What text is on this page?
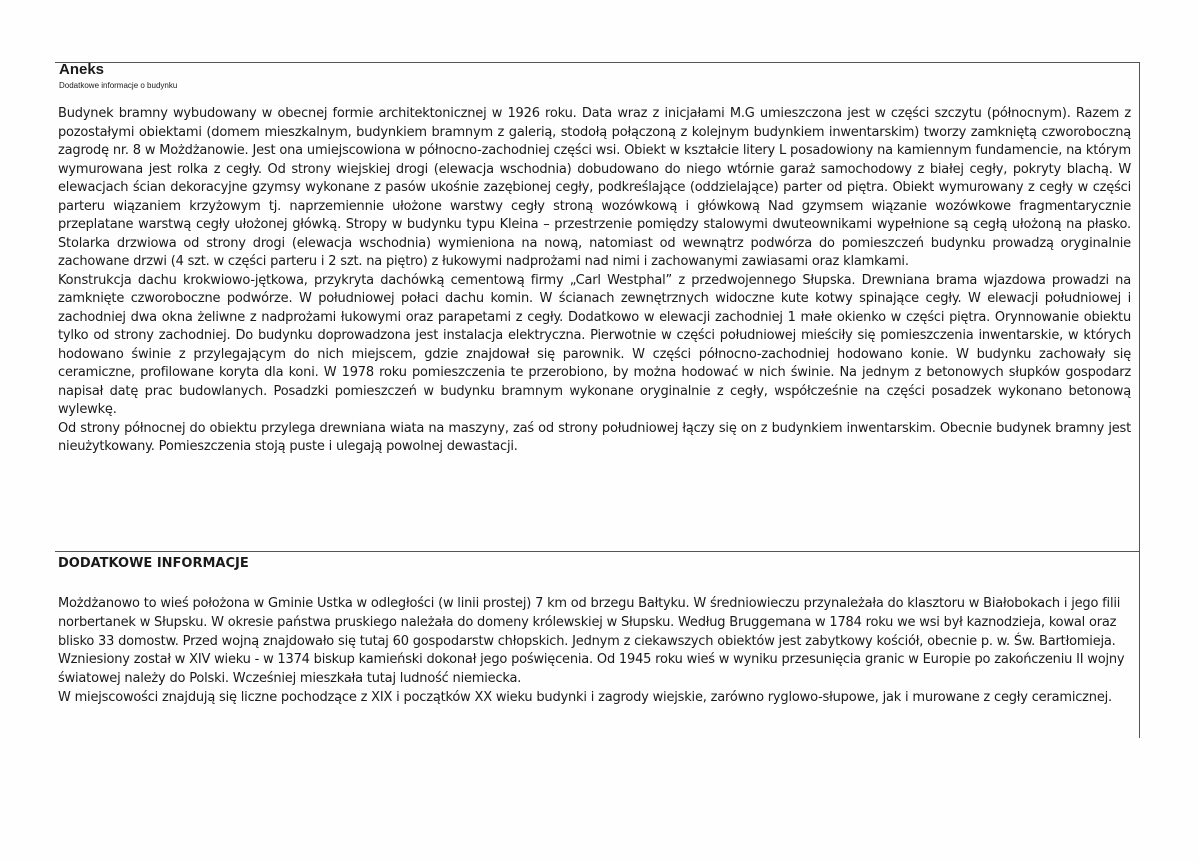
Aneks
Dodatkowe informacje o budynku

Budynek bramny wybudowany w obecnej formie architektonicznej w 1926 roku. Data wraz z inicjałami M.G umieszczona jest w części szczytu (północnym). Razem z pozostałymi obiektami (domem mieszkalnym, budynkiem bramnym z galerią, stodołą połączoną z kolejnym budynkiem inwentarskim) tworzy zamkniętą czworoboczną zagrodę nr. 8 w Możdżanowie. Jest ona umiejscowiona w północno-zachodniej części wsi. Obiekt w kształcie litery L posadowiony na kamiennym fundamencie, na którym wymurowana jest rolka z cegły. Od strony wiejskiej drogi (elewacja wschodnia) dobudowano do niego wtórnie garaż samochodowy z białej cegły, pokryty blachą. W elewacjach ścian dekoracyjne gzymsy wykonane z pasów ukośnie zazębionej cegły, podkreślające (oddzielające) parter od piętra. Obiekt wymurowany z cegły w części parteru wiązaniem krzyżowym tj. naprzemiennie ułożone warstwy cegły stroną wozówkową i główkową Nad gzymsem wiązanie wozówkowe fragmentarycznie przeplatane warstwą cegły ułożonej główką. Stropy w budynku typu Kleina – przestrzenie pomiędzy stalowymi dwuteownikami wypełnione są cegłą ułożoną na płasko. Stolarka drzwiowa od strony drogi (elewacja wschodnia) wymieniona na nową, natomiast od wewnątrz podwórza do pomieszczeń budynku prowadzą oryginalnie zachowane drzwi (4 szt. w części parteru i 2 szt. na piętro) z łukowymi nadprożami nad nimi i zachowanymi zawiasami oraz klamkami.

Konstrukcja dachu krokwiowo-jętkowa, przykryta dachówką cementową firmy „Carl Westphal” z przedwojennego Słupska. Drewniana brama wjazdowa prowadzi na zamknięte czworoboczne podwórze. W południowej połaci dachu komin. W ścianach zewnętrznych widoczne kute kotwy spinające cegły. W elewacji południowej i zachodniej dwa okna żeliwne z nadprożami łukowymi oraz parapetami z cegły. Dodatkowo w elewacji zachodniej 1 małe okienko w części piętra. Orynnowanie obiektu tylko od strony zachodniej. Do budynku doprowadzona jest instalacja elektryczna. Pierwotnie w części południowej mieściły się pomieszczenia inwentarskie, w których hodowano świnie z przylegającym do nich miejscem, gdzie znajdował się parownik. W części północno-zachodniej hodowano konie. W budynku zachowały się ceramiczne, profilowane koryta dla koni. W 1978 roku pomieszczenia te przerobiono, by można hodować w nich świnie. Na jednym z betonowych słupków gospodarz napisał datę prac budowlanych. Posadzki pomieszczeń w budynku bramnym wykonane oryginalnie z cegły, współcześnie na części posadzek wykonano betonową wylewkę.

Od strony północnej do obiektu przylega drewniana wiata na maszyny, zaś od strony południowej łączy się on z budynkiem inwentarskim. Obecnie budynek bramny jest nieużytkowany. Pomieszczenia stoją puste i ulegają powolnej dewastacji.

DODATKOWE INFORMACJE

Możdżanowo to wieś położona w Gminie Ustka w odległości (w linii prostej) 7 km od brzegu Bałtyku. W średniowieczu przynależała do klasztoru w Białobokach i jego filii norbertanek w Słupsku. W okresie państwa pruskiego należała do domeny królewskiej w Słupsku. Według Bruggemana w 1784 roku we wsi był kaznodzieja, kowal oraz blisko 33 domostw. Przed wojną znajdowało się tutaj 60 gospodarstw chłopskich. Jednym z ciekawszych obiektów jest zabytkowy kościół, obecnie p. w. Św. Bartłomieja. Wzniesiony został w XIV wieku - w 1374 biskup kamieński dokonał jego poświęcenia. Od 1945 roku wieś w wyniku przesunięcia granic w Europie po zakończeniu II wojny światowej należy do Polski. Wcześniej mieszkała tutaj ludność niemiecka.

W miejscowości znajdują się liczne pochodzące z XIX i początków XX wieku budynki i zagrody wiejskie, zarówno ryglowo-słupowe, jak i murowane z cegły ceramicznej.
